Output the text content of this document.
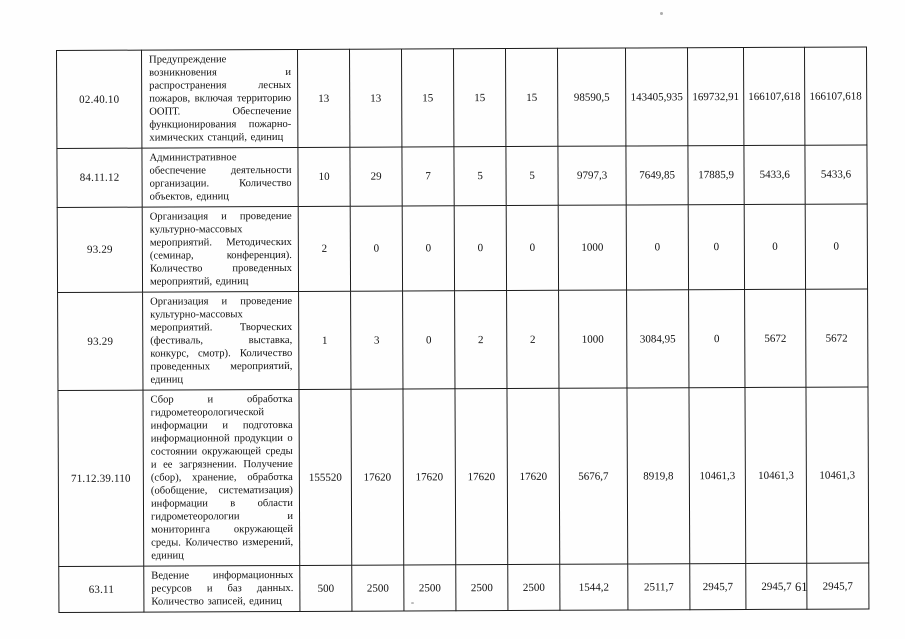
02.40.10	Предупреждение возникновения и распространения лесных пожаров, включая территорию ООПТ. Обеспечение функционирования пожарно-химических станций, единиц	13	13	15	15	15	98590,5	143405,935	169732,91	166107,618	166107,618
84.11.12	Административное обеспечение деятельности организации. Количество объектов, единиц	10	29	7	5	5	9797,3	7649,85	17885,9	5433,6	5433,6
93.29	Организация и проведение культурно-массовых мероприятий. Методических (семинар, конференция). Количество проведенных мероприятий, единиц	2	0	0	0	0	1000	0	0	0	0
93.29	Организация и проведение культурно-массовых мероприятий. Творческих (фестиваль, выставка, конкурс, смотр). Количество проведенных мероприятий, единиц	1	3	0	2	2	1000	3084,95	0	5672	5672
71.12.39.110	Сбор и обработка гидрометеорологической информации и подготовка информационной продукции о состоянии окружающей среды и ее загрязнении. Получение (сбор), хранение, обработка (обобщение, систематизация) информации в области гидрометеорологии и мониторинга окружающей среды. Количество измерений, единиц	155520	17620	17620	17620	17620	5676,7	8919,8	10461,3	10461,3	10461,3
63.11	Ведение информационных ресурсов и баз данных. Количество записей, единиц	500	2500	2500	2500	2500	1544,2	2511,7	2945,7	2945,7	2945,7
61
